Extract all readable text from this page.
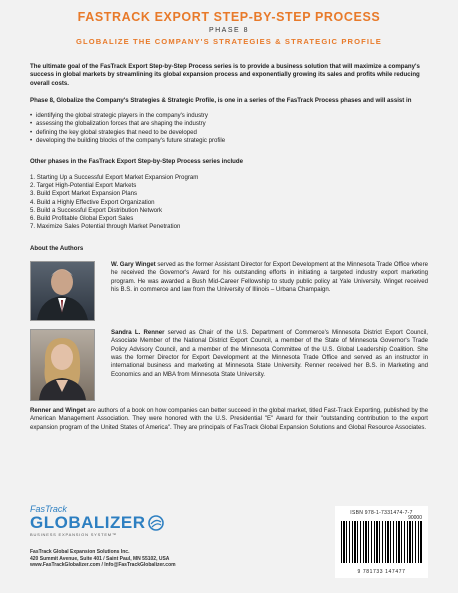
FASTRACK EXPORT STEP-BY-STEP PROCESS
PHASE 8
GLOBALIZE THE COMPANY'S STRATEGIES & STRATEGIC PROFILE
The ultimate goal of the FasTrack Export Step-by-Step Process series is to provide a business solution that will maximize a company's success in global markets by streamlining its global expansion process and exponentially growing its sales and profits while reducing overall costs.
Phase 8, Globalize the Company's Strategies & Strategic Profile, is one in a series of the FasTrack Process phases and will assist in
• identifying the global strategic players in the company's industry
• assessing the globalization forces that are shaping the industry
• defining the key global strategies that need to be developed
• developing the building blocks of the company's future strategic profile
Other phases in the FasTrack Export Step-by-Step Process series include
1. Starting Up a Successful Export Market Expansion Program
2. Target High-Potential Export Markets
3. Build Export Market Expansion Plans
4. Build a Highly Effective Export Organization
5. Build a Successful Export Distribution Network
6. Build Profitable Global Export Sales
7. Maximize Sales Potential through Market Penetration
About the Authors
W. Gary Winget served as the former Assistant Director for Export Development at the Minnesota Trade Office where he received the Governor's Award for his outstanding efforts in initiating a targeted industry export marketing program. He was awarded a Bush Mid-Career Fellowship to study public policy at Yale University. Winget received his B.S. in commerce and law from the University of Illinois – Urbana Champaign.
Sandra L. Renner served as Chair of the U.S. Department of Commerce's Minnesota District Export Council, Associate Member of the National District Export Council, a member of the State of Minnesota Governor's Trade Policy Advisory Council, and a member of the Minnesota Committee of the U.S. Global Leadership Coalition. She was the former Director for Export Development at the Minnesota Trade Office and served as an instructor in international business and marketing at Minnesota State University. Renner received her B.S. in Marketing and Economics and an MBA from Minnesota State University.
Renner and Winget are authors of a book on how companies can better succeed in the global market, titled Fast-Track Exporting, published by the American Management Association. They were honored with the U.S. Presidential "E" Award for their "outstanding contribution to the export expansion program of the United States of America". They are principals of FasTrack Global Expansion Solutions and Global Resource Associates.
FasTrack
GLOBALIZER
BUSINESS EXPANSION SYSTEM™
FasTrack Global Expansion Solutions Inc.
420 Summit Avenue, Suite 401 / Saint Paul, MN 55102, USA
www.FasTrackGlobalizer.com / Info@FasTrackGlobalizer.com
ISBN 978-1-7331474-7-7
90000
9 781733 147477
